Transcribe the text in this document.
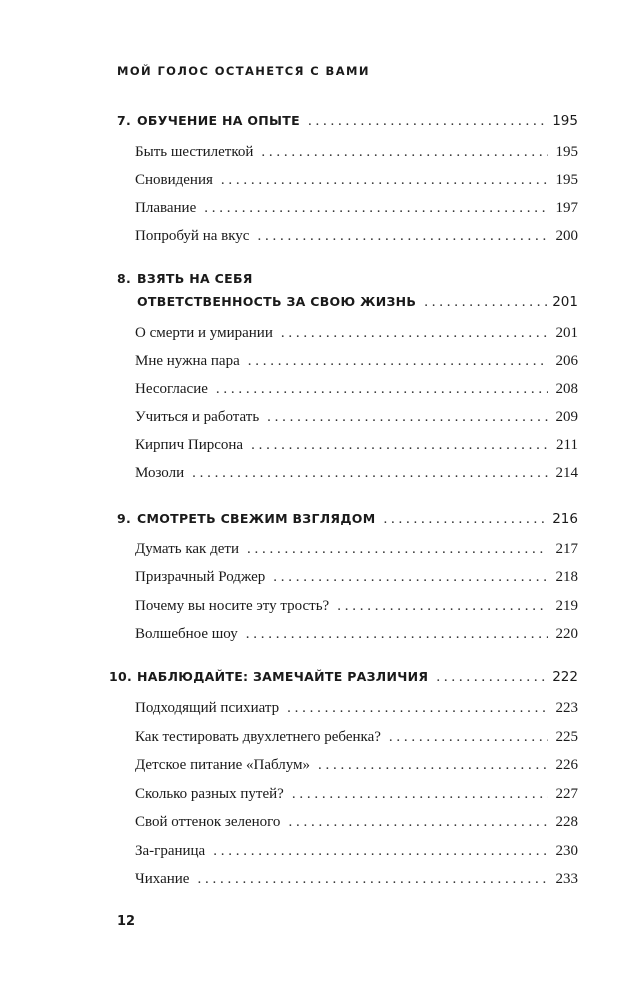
МОЙ ГОЛОС ОСТАНЕТСЯ С ВАМИ
7. ОБУЧЕНИЕ НА ОПЫТЕ . . .	195
Быть шестилеткой . . .	195
Сновидения . . .	195
Плавание . . .	197
Попробуй на вкус . . .	200
8. ВЗЯТЬ НА СЕБЯ
ОТВЕТСТВЕННОСТЬ ЗА СВОЮ ЖИЗНЬ . . .	201
О смерти и умирании . . .	201
Мне нужна пара . . .	206
Несогласие . . .	208
Учиться и работать . . .	209
Кирпич Пирсона . . .	211
Мозоли . . .	214
9. СМОТРЕТЬ СВЕЖИМ ВЗГЛЯДОМ . . .	216
Думать как дети . . .	217
Призрачный Роджер . . .	218
Почему вы носите эту трость? . . .	219
Волшебное шоу . . .	220
10. НАБЛЮДАЙТЕ: ЗАМЕЧАЙТЕ РАЗЛИЧИЯ . . .	222
Подходящий психиатр . . .	223
Как тестировать двухлетнего ребенка? . . .	225
Детское питание «Паблум» . . .	226
Сколько разных путей? . . .	227
Свой оттенок зеленого . . .	228
За-граница . . .	230
Чихание . . .	233
12
